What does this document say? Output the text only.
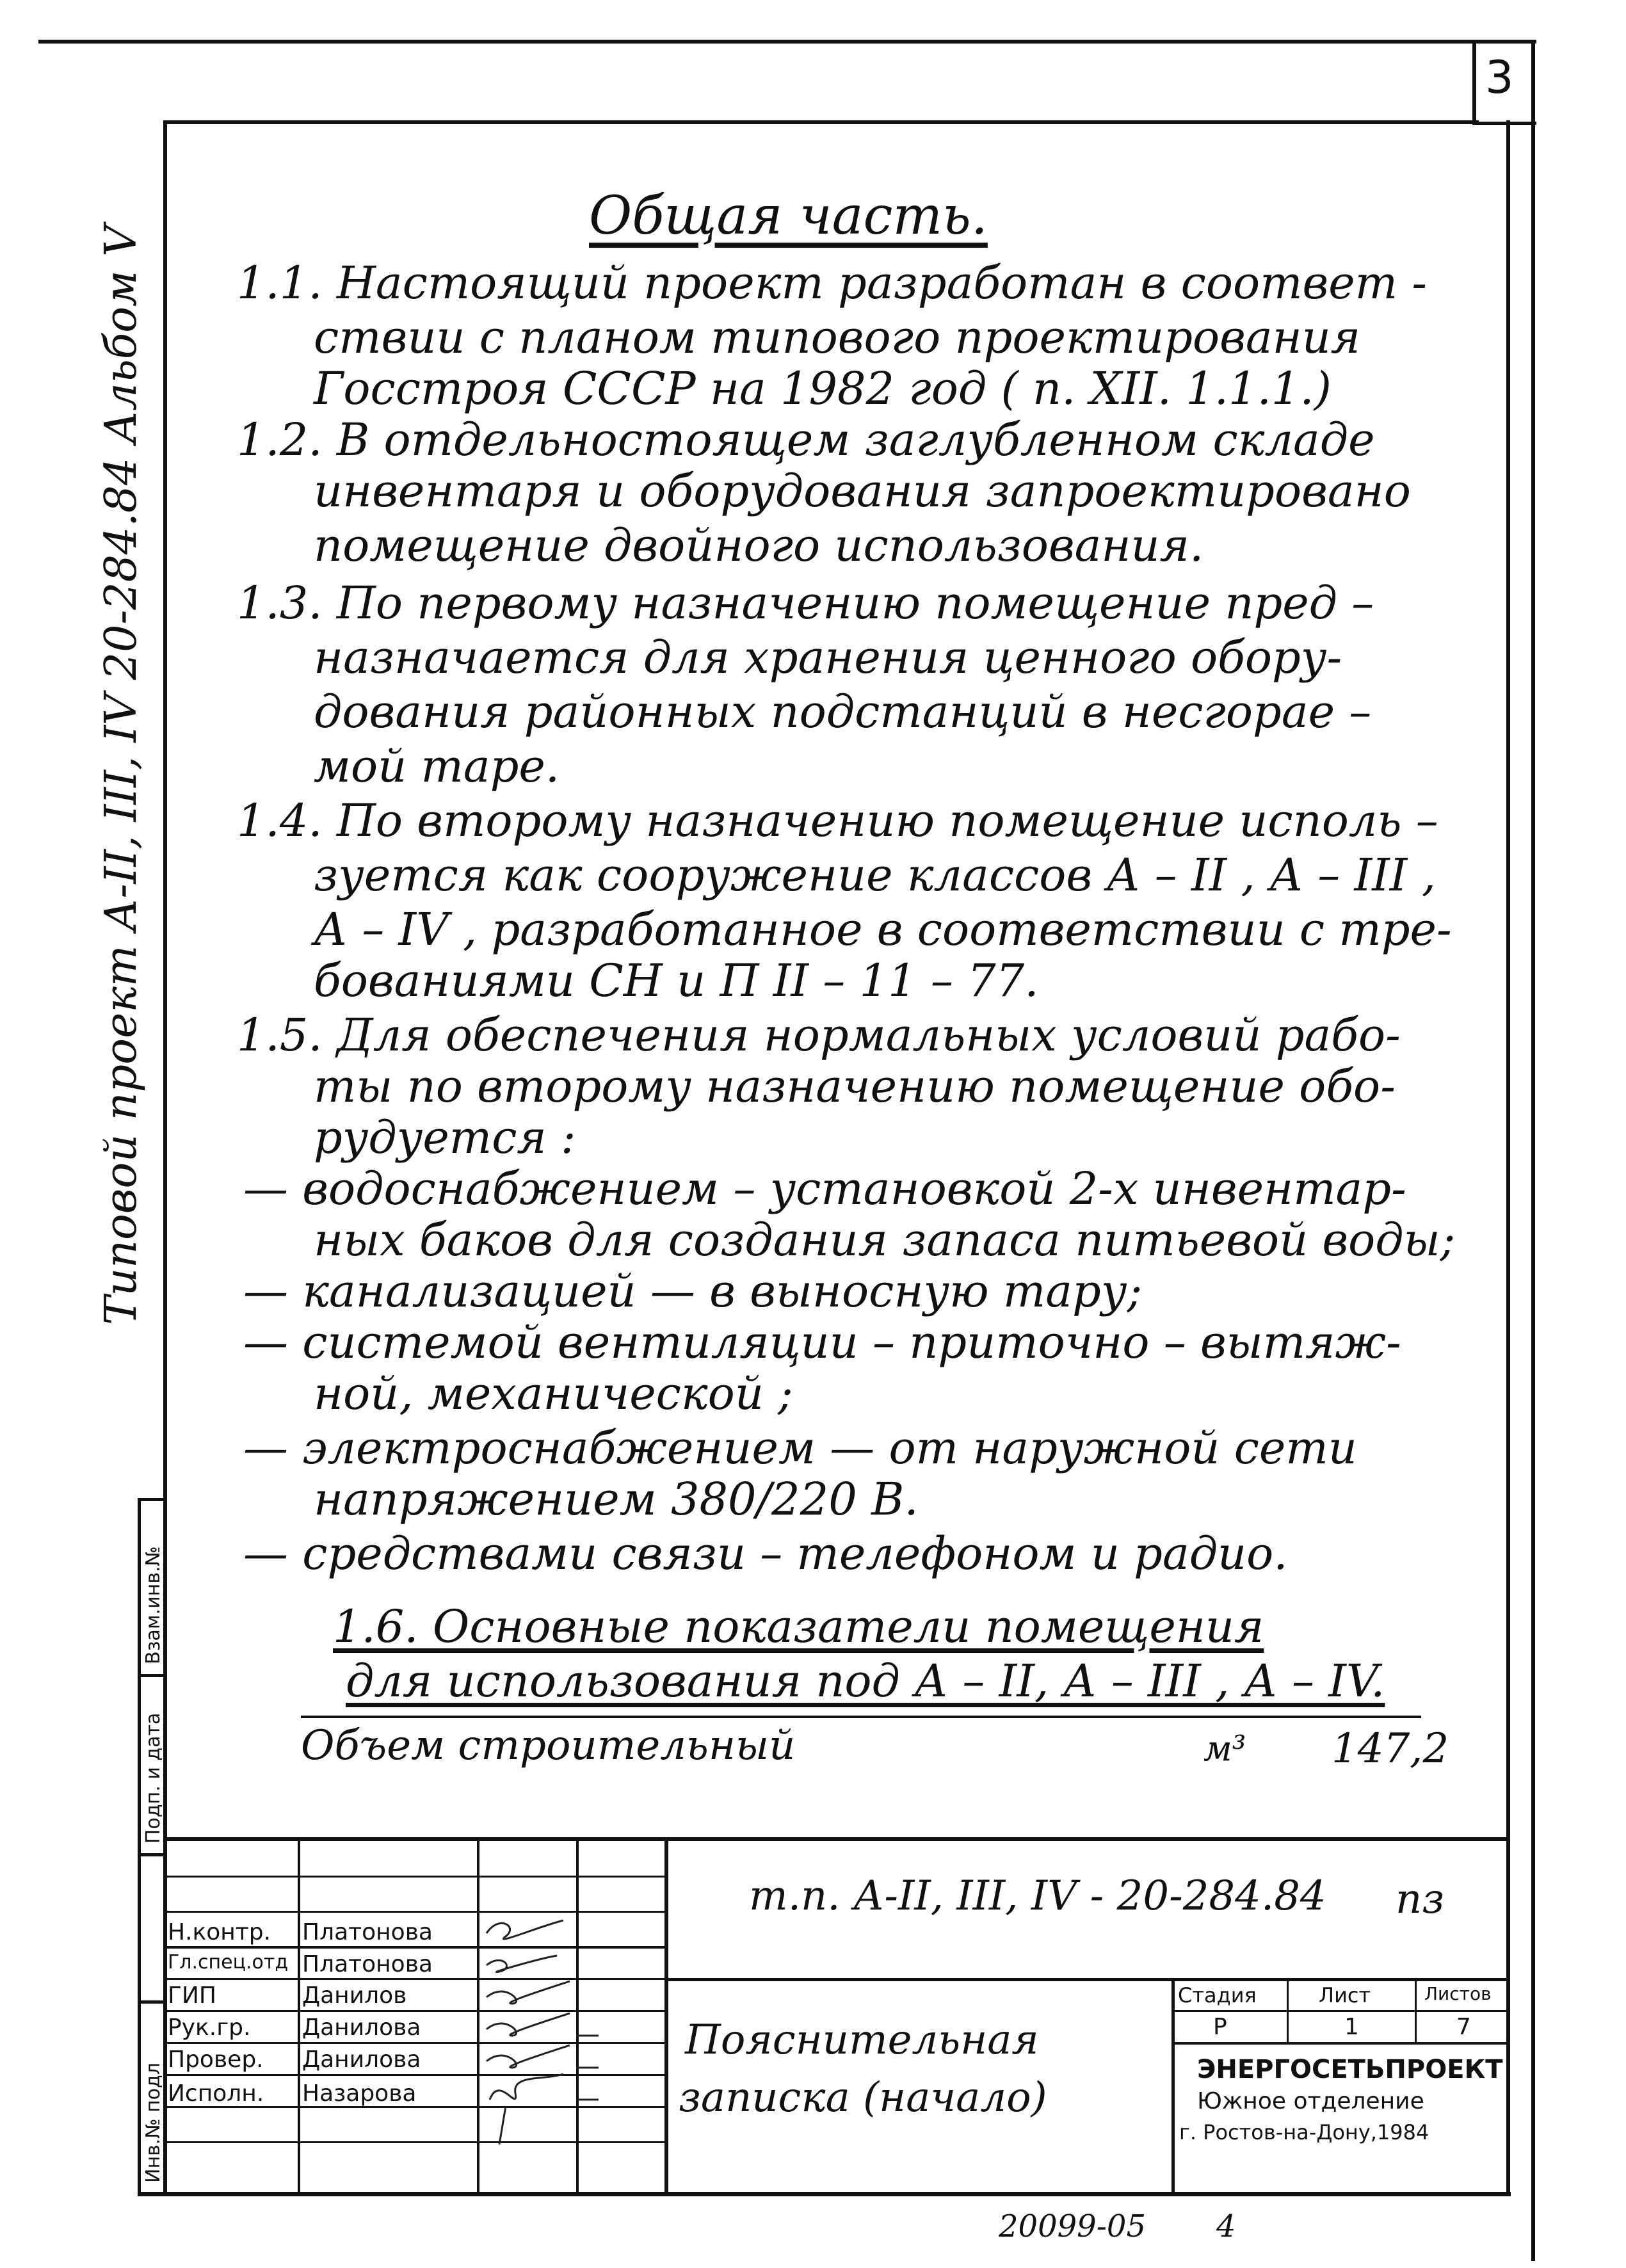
3
Взам.инв.№
Подп. и дата
Инв.№ подл
Типовой проект А-II, III, IV 20-284.84 Альбом V
Общая часть.
1.1. Настоящий проект разработан в соответ -
ствии с планом типового проектирования
Госстроя СССР на 1982 год ( п. XII. 1.1.1.)
1.2. В отдельностоящем заглубленном складе
инвентаря и оборудования запроектировано
помещение двойного использования.
1.3. По первому назначению помещение пред –
назначается для хранения ценного обору-
дования районных подстанций в несгорае –
мой таре.
1.4. По второму назначению помещение исполь –
зуется как сооружение классов А – II , А – III ,
А – IV , разработанное в соответствии с тре-
бованиями СН и П II – 11 – 77.
1.5. Для обеспечения нормальных условий рабо-
ты по второму назначению помещение обо-
рудуется :
— водоснабжением – установкой 2-х инвентар-
ных баков для создания запаса питьевой воды;
— канализацией — в выносную тару;
— системой вентиляции – приточно – вытяж-
ной, механической ;
— электроснабжением — от наружной сети
напряжением 380/220 В.
— средствами связи – телефоном и радио.
1.6. Основные показатели помещения
для использования под А – II, А – III , А – IV.
Объем строительный	м³ 147,2
т.п. А-II, III, IV - 20-284.84 пз
Пояснительная
записка (начало)
Стадия	Лист	Листов
Р	1	7
ЭНЕРГОСЕТЬПРОЕКТ
Южное отделение
г. Ростов-на-Дону,1984
Н.контр. Платонова
Гл.спец.отд Платонова
ГИП	Данилов
Рук.гр. Данилова
Провер. Данилова
Исполн. Назарова
20099-05 4
